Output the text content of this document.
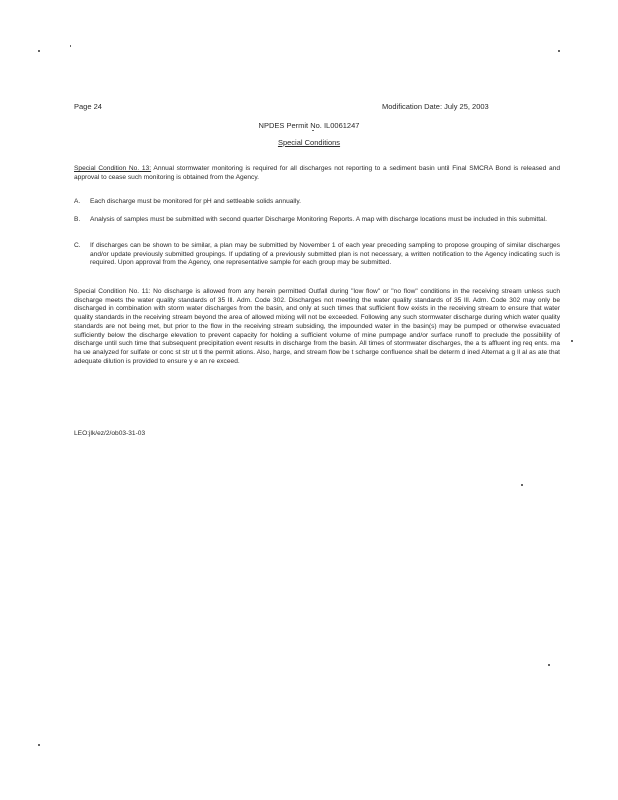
Page 24	Modification Date: July 25, 2003
NPDES Permit No. IL0061247
Special Conditions

Special Condition No. 13: Annual stormwater monitoring is required for all discharges not reporting to a sediment basin until Final SMCRA Bond is released and approval to cease such monitoring is obtained from the Agency.

A. Each discharge must be monitored for pH and settleable solids annually.
B. Analysis of samples must be submitted with second quarter Discharge Monitoring Reports. A map with discharge locations must be included in this submittal.
C. If discharges can be shown to be similar, a plan may be submitted by November 1 of each year preceding sampling to propose grouping of similar discharges and/or update previously submitted groupings. If updating of a previously submitted plan is not necessary, a written notification to the Agency indicating such is required. Upon approval from the Agency, one representative sample for each group may be submitted.

Special Condition No. 11: No discharge is allowed from any herein permitted Outfall during "low flow" or "no flow" conditions in the receiving stream unless such discharge meets the water quality standards of 35 Ill. Adm. Code 302. Discharges not meeting the water quality standards of 35 Ill. Adm. Code 302 may only be discharged in combination with storm water discharges from the basin, and only at such times that sufficient flow exists in the receiving stream to ensure that water quality standards in the receiving stream beyond the area of allowed mixing will not be exceeded. Following any such stormwater discharge during which water quality standards are not being met, but prior to the flow in the receiving stream subsiding, the impounded water in the basin(s) may be pumped or otherwise evacuated sufficiently below the discharge elevation to prevent capacity for holding a sufficient volume of mine pumpage and/or surface runoff to preclude the possibility of discharge until such time that subsequent precipitation event results in discharge from the basin. All times of stormwater discharges, the a ts affluent ing req ents. ma ha ue analyzed for sulfate or conc st str ut ti the permit ations. Also, harge, and stream flow be t scharge confluence shall be determ d ined Alternat a g ll al as ate that adequate dilution is provided to ensure y e an re exceed.

LEO:jlk/ez/2/ob03-31-03
